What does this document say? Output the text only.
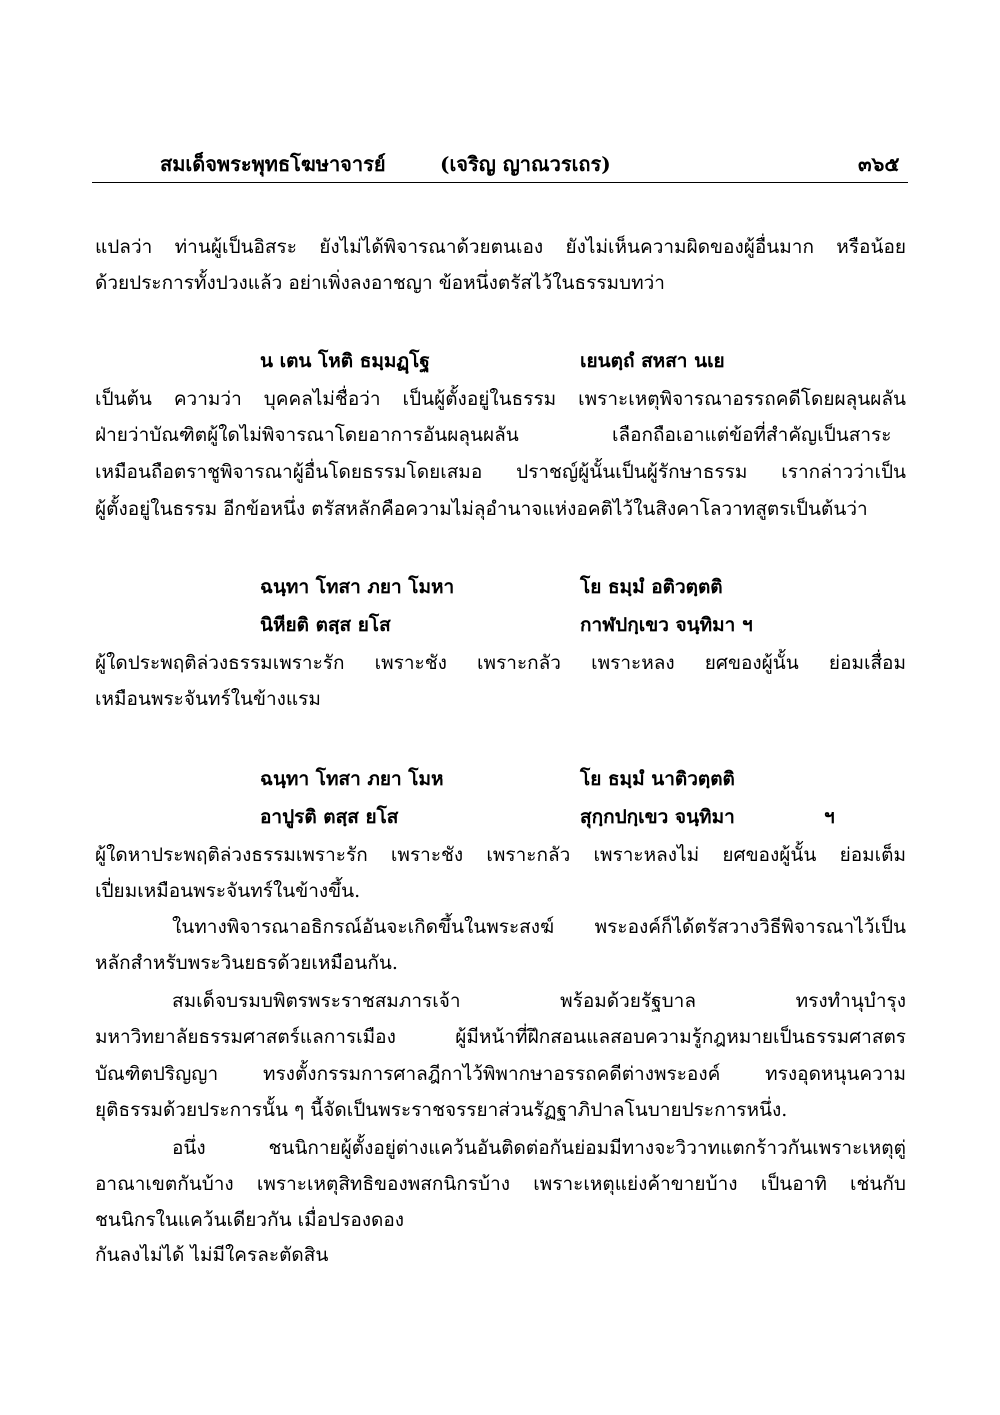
สมเด็จพระพุทธโฆษาจารย์	(เจริญ ญาณวรเถร)	๓๖๕
แปลว่า ท่านผู้เป็นอิสระ ยังไม่ได้พิจารณาด้วยตนเอง ยังไม่เห็นความผิดของผู้อื่นมาก หรือน้อย
ด้วยประการทั้งปวงแล้ว อย่าเพิ่งลงอาชญา ข้อหนึ่งตรัสไว้ในธรรมบทว่า
น เตน โหติ ธมฺมฏฺโฐ	เยนตฺถํ สหสา นเย
เป็นต้น ความว่า บุคคลไม่ชื่อว่า เป็นผู้ตั้งอยู่ในธรรม เพราะเหตุพิจารณาอรรถคดีโดยผลุนผลัน
ฝ่ายว่าบัณฑิตผู้ใดไม่พิจารณาโดยอาการอันผลุนผลัน	เลือกถือเอาแต่ข้อที่สำคัญเป็นสาระ
เหมือนถือตราชูพิจารณาผู้อื่นโดยธรรมโดยเสมอ ปราชญ์ผู้นั้นเป็นผู้รักษาธรรม เรากล่าวว่าเป็น
ผู้ตั้งอยู่ในธรรม อีกข้อหนึ่ง ตรัสหลักคือความไม่ลุอำนาจแห่งอคติไว้ในสิงคาโลวาทสูตรเป็นต้นว่า
ฉนฺทา โทสา ภยา โมหา	โย ธมฺมํ อติวตฺตติ
นิหียติ ตสฺส ยโส	กาฬปกฺเขว จนฺทิมา ฯ
ผู้ใดประพฤติล่วงธรรมเพราะรัก เพราะชัง เพราะกลัว เพราะหลง ยศของผู้นั้น ย่อมเสื่อม
เหมือนพระจันทร์ในข้างแรม
ฉนฺทา โทสา ภยา โมห	โย ธมฺมํ นาติวตฺตติ
อาปูรติ ตสฺส ยโส	สุกฺกปกฺเขว จนฺทิมา	ฯ
ผู้ใดหาประพฤติล่วงธรรมเพราะรัก เพราะชัง เพราะกลัว เพราะหลงไม่ ยศของผู้นั้น ย่อมเต็ม
เปี่ยมเหมือนพระจันทร์ในข้างขึ้น.
ในทางพิจารณาอธิกรณ์อันจะเกิดขึ้นในพระสงฆ์ พระองค์ก็ได้ตรัสวางวิธีพิจารณาไว้เป็น
หลักสำหรับพระวินยธรด้วยเหมือนกัน.
สมเด็จบรมบพิตรพระราชสมภารเจ้า พร้อมด้วยรัฐบาล ทรงทำนุบำรุง
มหาวิทยาลัยธรรมศาสตร์แลการเมือง ผู้มีหน้าที่ฝึกสอนแลสอบความรู้กฎหมายเป็นธรรมศาสตร
บัณฑิตปริญญา ทรงตั้งกรรมการศาลฎีกาไว้พิพากษาอรรถคดีต่างพระองค์ ทรงอุดหนุนความ
ยุติธรรมด้วยประการนั้น ๆ นี้จัดเป็นพระราชจรรยาส่วนรัฏฐาภิปาลโนบายประการหนึ่ง.
อนึ่ง ชนนิกายผู้ตั้งอยู่ต่างแคว้นอันติดต่อกันย่อมมีทางจะวิวาทแตกร้าวกันเพราะเหตุตู่
อาณาเขตกันบ้าง เพราะเหตุสิทธิของพสกนิกรบ้าง เพราะเหตุแย่งค้าขายบ้าง เป็นอาทิ เช่นกับ
ชนนิกรในแคว้นเดียวกัน เมื่อปรองดอง
กันลงไม่ได้ ไม่มีใครละตัดสิน
